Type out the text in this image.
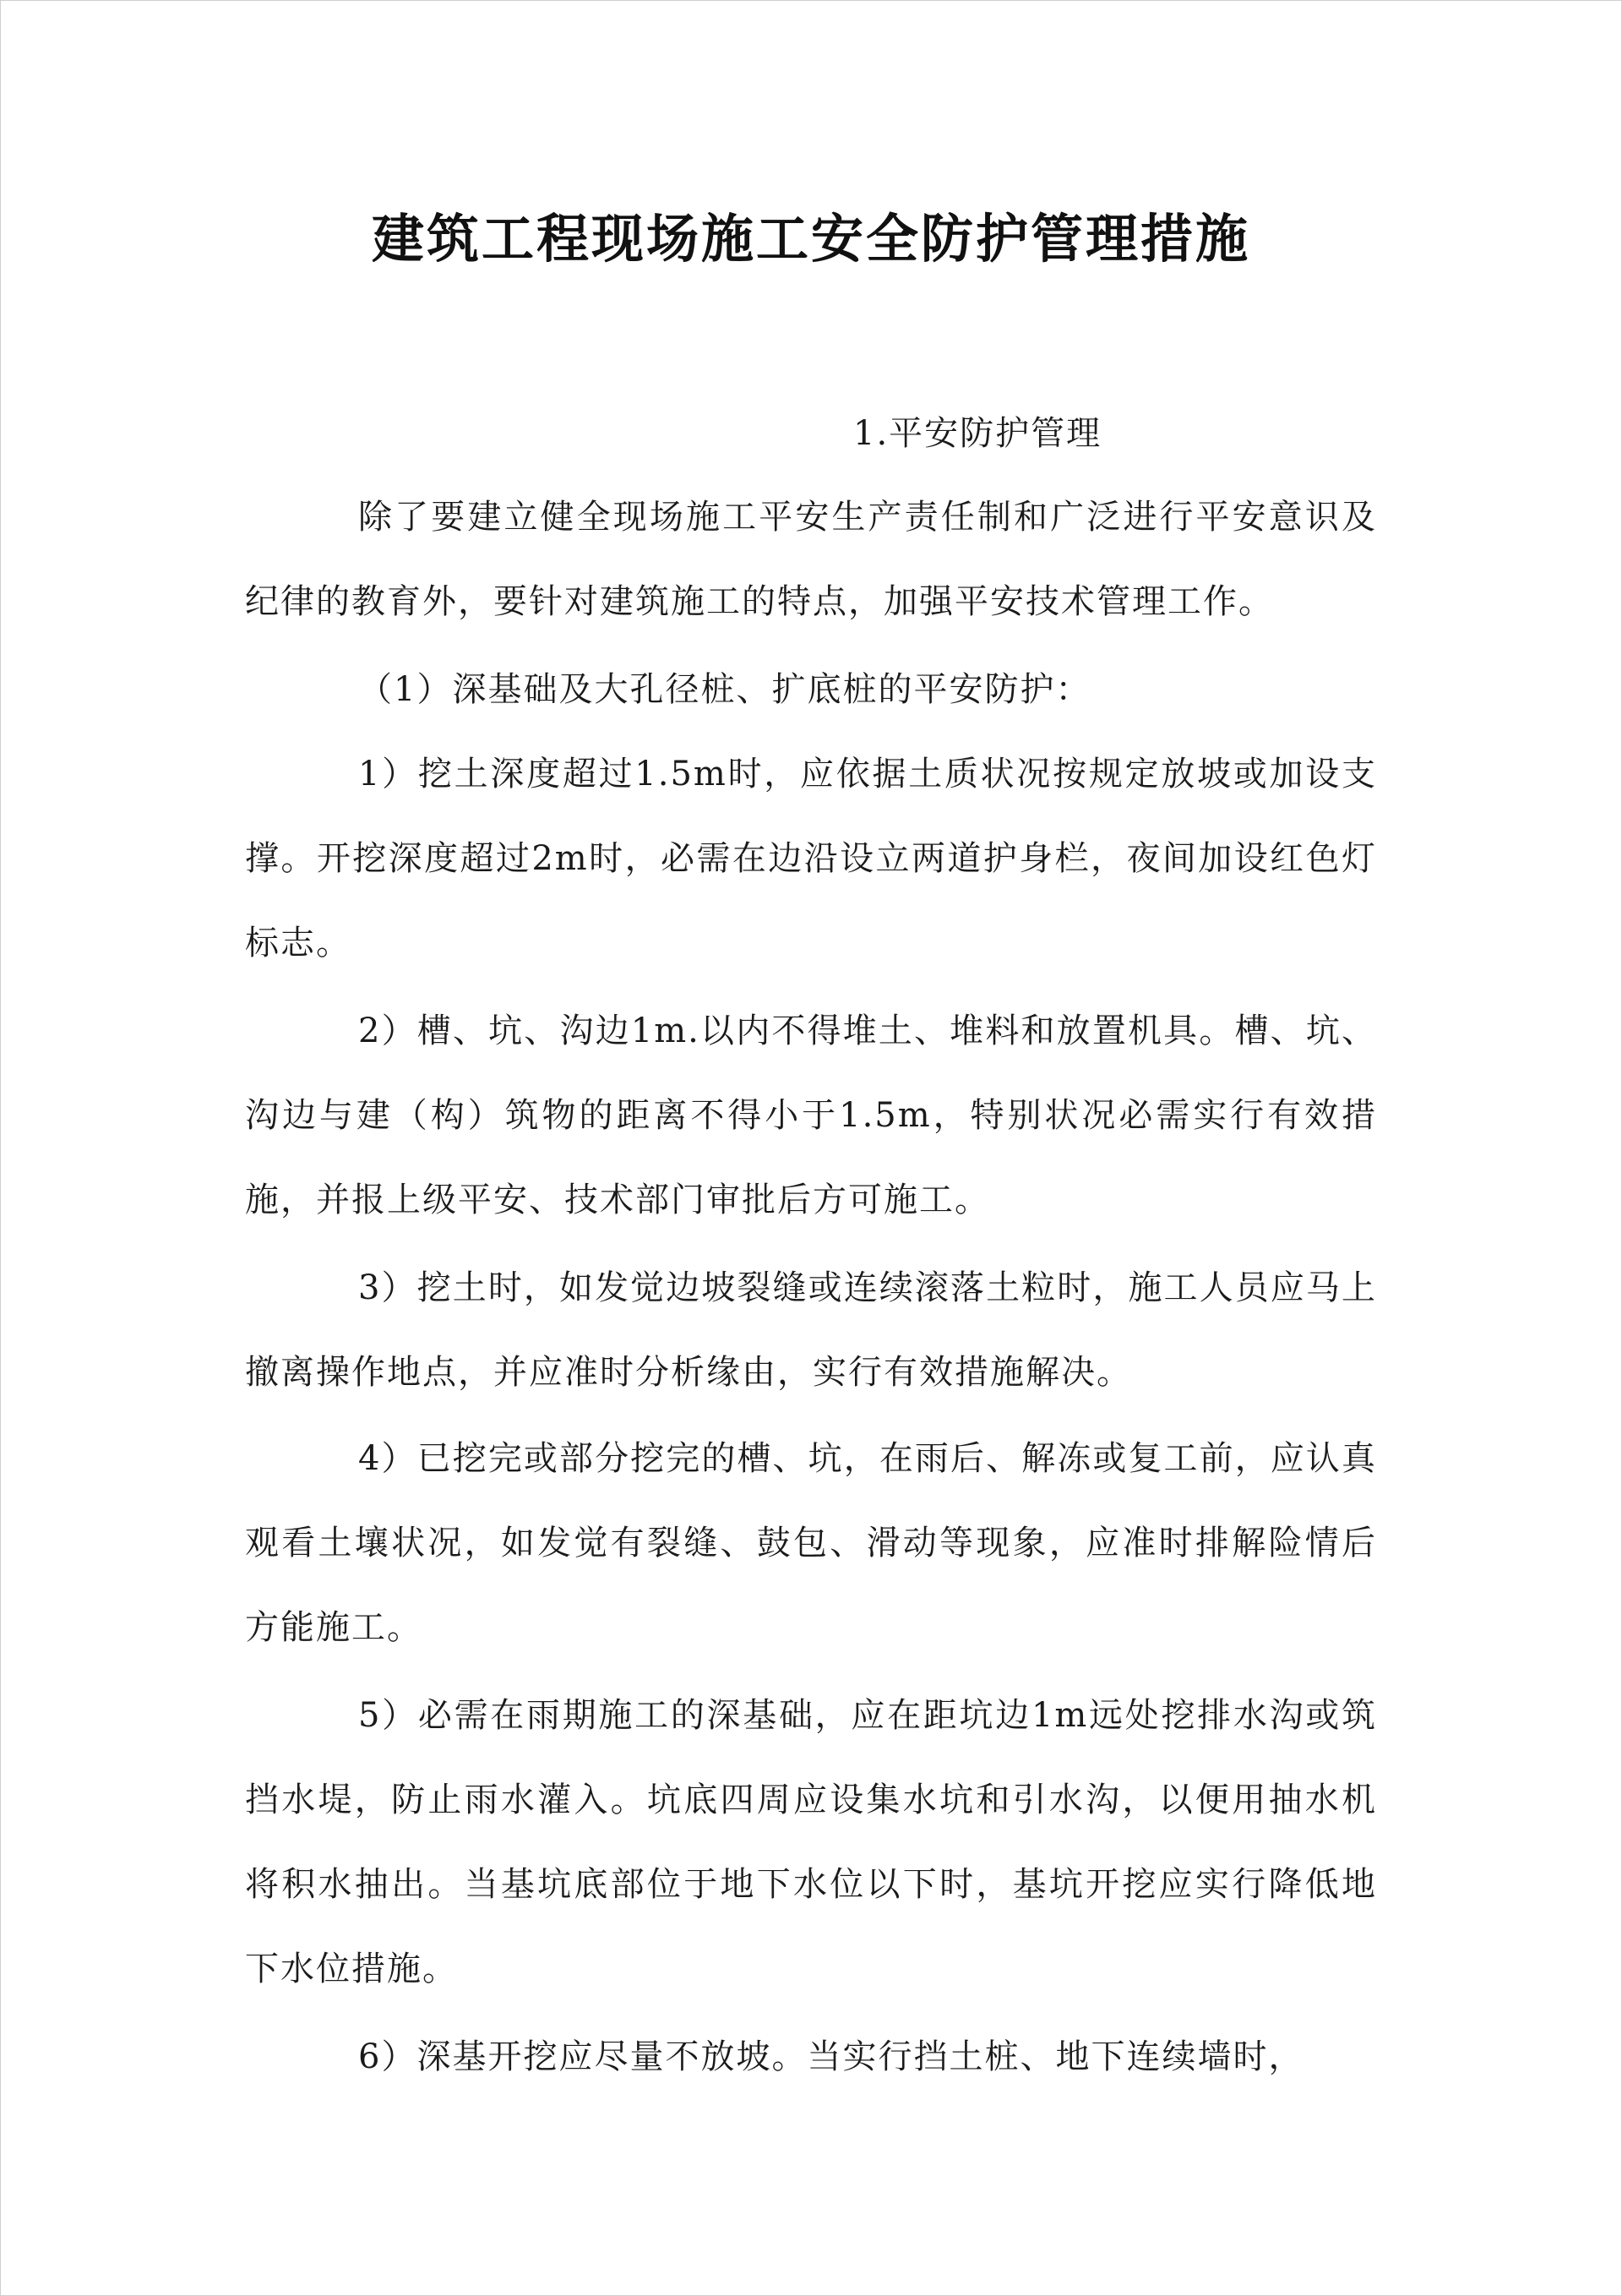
建筑工程现场施工安全防护管理措施
1.平安防护管理

除了要建立健全现场施工平安生产责任制和广泛进行平安意识及纪律的教育外，要针对建筑施工的特点，加强平安技术管理工作。

（1）深基础及大孔径桩、扩底桩的平安防护：

1）挖土深度超过1.5m时，应依据土质状况按规定放坡或加设支撑。开挖深度超过2m时，必需在边沿设立两道护身栏，夜间加设红色灯标志。

2）槽、坑、沟边1m.以内不得堆土、堆料和放置机具。槽、坑、沟边与建（构）筑物的距离不得小于1.5m，特别状况必需实行有效措施，并报上级平安、技术部门审批后方可施工。

3）挖土时，如发觉边坡裂缝或连续滚落土粒时，施工人员应马上撤离操作地点，并应准时分析缘由，实行有效措施解决。

4）已挖完或部分挖完的槽、坑，在雨后、解冻或复工前，应认真观看土壤状况，如发觉有裂缝、鼓包、滑动等现象，应准时排解险情后方能施工。

5）必需在雨期施工的深基础，应在距坑边1m远处挖排水沟或筑挡水堤，防止雨水灌入。坑底四周应设集水坑和引水沟，以便用抽水机将积水抽出。当基坑底部位于地下水位以下时，基坑开挖应实行降低地下水位措施。

6）深基开挖应尽量不放坡。当实行挡土桩、地下连续墙时，
